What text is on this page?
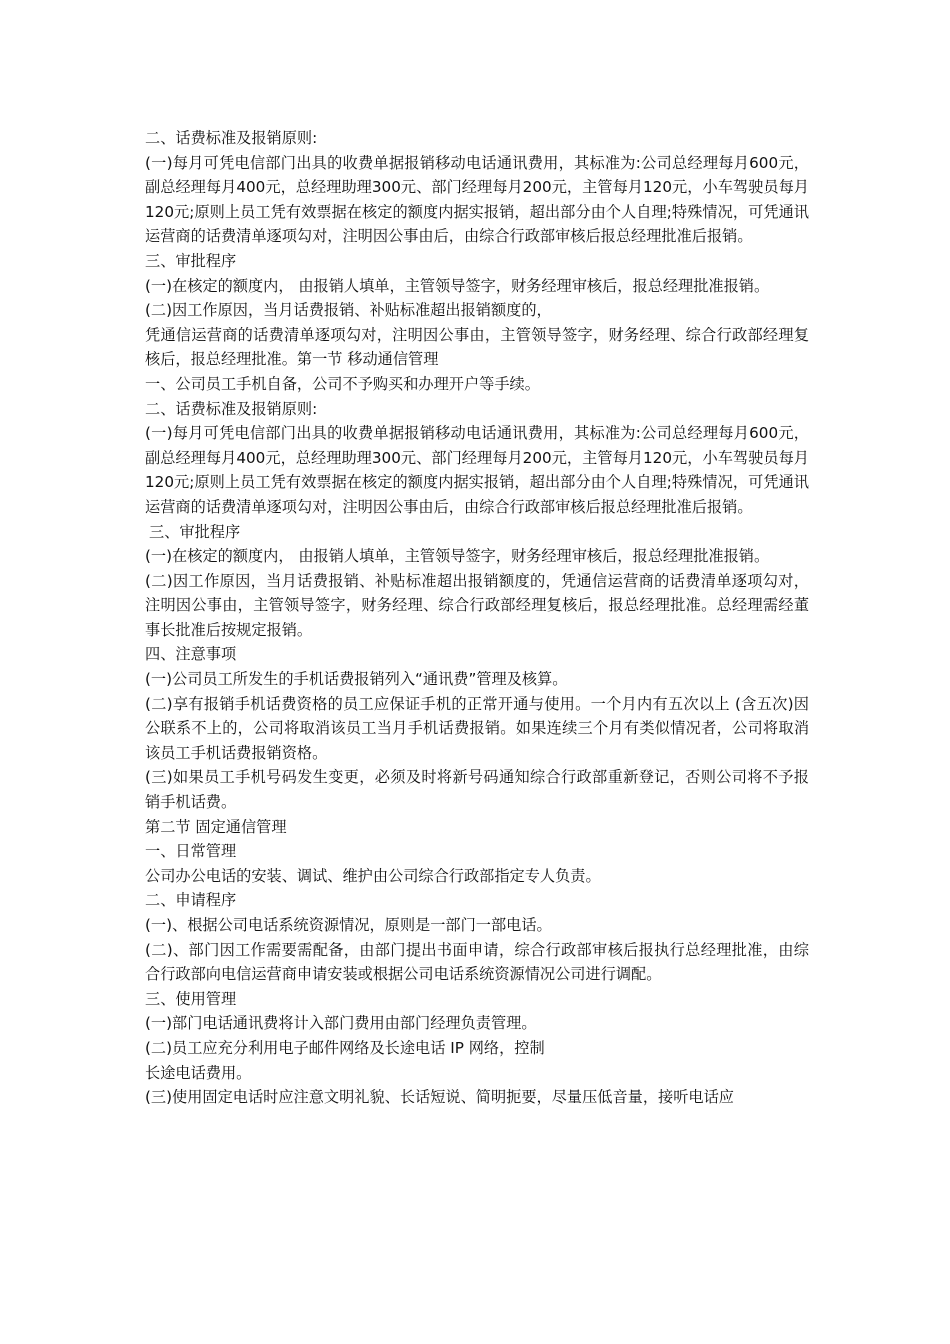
二、话费标准及报销原则:

(一)每月可凭电信部门出具的收费单据报销移动电话通讯费用，其标准为:公司总经理每月600元，副总经理每月400元，总经理助理300元、部门经理每月200元，主管每月120元，小车驾驶员每月120元;原则上员工凭有效票据在核定的额度内据实报销，超出部分由个人自理;特殊情况，可凭通讯运营商的话费清单逐项勾对，注明因公事由后，由综合行政部审核后报总经理批准后报销。

三、审批程序

(一)在核定的额度内， 由报销人填单，主管领导签字，财务经理审核后，报总经理批准报销。

(二)因工作原因，当月话费报销、补贴标准超出报销额度的，

凭通信运营商的话费清单逐项勾对，注明因公事由，主管领导签字，财务经理、综合行政部经理复核后，报总经理批准。第一节 移动通信管理

一、公司员工手机自备，公司不予购买和办理开户等手续。

二、话费标准及报销原则:

(一)每月可凭电信部门出具的收费单据报销移动电话通讯费用，其标准为:公司总经理每月600元，副总经理每月400元，总经理助理300元、部门经理每月200元，主管每月120元，小车驾驶员每月120元;原则上员工凭有效票据在核定的额度内据实报销，超出部分由个人自理;特殊情况，可凭通讯运营商的话费清单逐项勾对，注明因公事由后，由综合行政部审核后报总经理批准后报销。

三、审批程序

(一)在核定的额度内， 由报销人填单，主管领导签字，财务经理审核后，报总经理批准报销。

(二)因工作原因，当月话费报销、补贴标准超出报销额度的，凭通信运营商的话费清单逐项勾对，注明因公事由，主管领导签字，财务经理、综合行政部经理复核后，报总经理批准。总经理需经董事长批准后按规定报销。

四、注意事项

(一)公司员工所发生的手机话费报销列入“通讯费”管理及核算。

(二)享有报销手机话费资格的员工应保证手机的正常开通与使用。一个月内有五次以上 (含五次)因公联系不上的，公司将取消该员工当月手机话费报销。如果连续三个月有类似情况者，公司将取消该员工手机话费报销资格。

(三)如果员工手机号码发生变更，必须及时将新号码通知综合行政部重新登记，否则公司将不予报销手机话费。

第二节 固定通信管理

一、日常管理

公司办公电话的安装、调试、维护由公司综合行政部指定专人负责。

二、申请程序

(一)、根据公司电话系统资源情况，原则是一部门一部电话。

(二)、部门因工作需要需配备，由部门提出书面申请，综合行政部审核后报执行总经理批准，由综合行政部向电信运营商申请安装或根据公司电话系统资源情况公司进行调配。

三、使用管理

(一)部门电话通讯费将计入部门费用由部门经理负责管理。

(二)员工应充分利用电子邮件网络及长途电话 IP 网络，控制

长途电话费用。

(三)使用固定电话时应注意文明礼貌、长话短说、简明扼要，尽量压低音量，接听电话应
